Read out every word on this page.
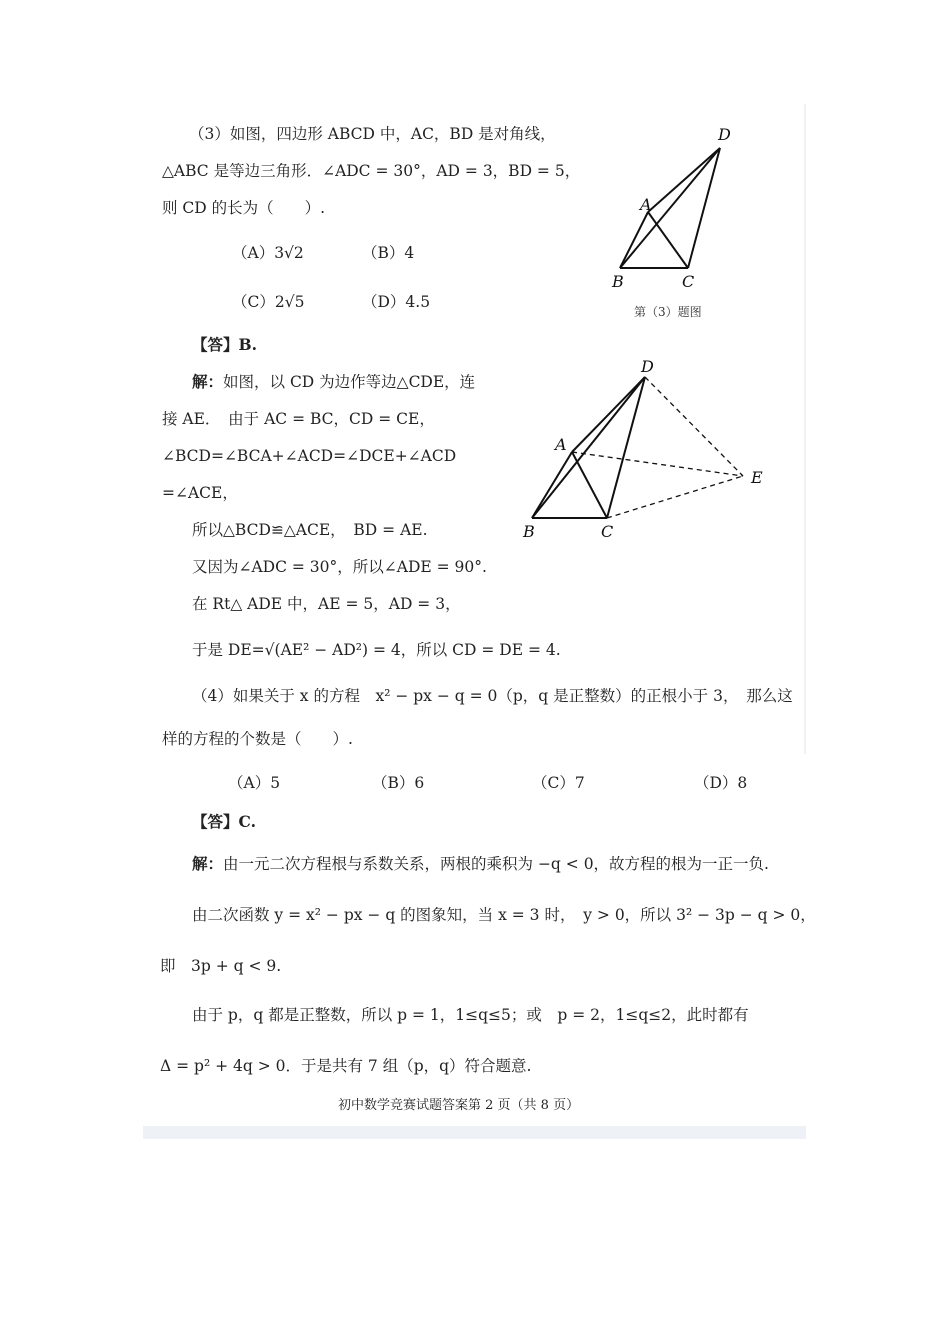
（3）如图，四边形 ABCD 中，AC，BD 是对角线，
△ABC 是等边三角形．∠ADC = 30°，AD = 3，BD = 5，
则 CD 的长为（　　）.
（A）3√2	（B）4
（C）2√5	（D）4.5
D
A
B	C
第（3）题图
【答】B.
解：如图，以 CD 为边作等边△CDE，连
接 AE．　由于 AC = BC，CD = CE，
∠BCD=∠BCA+∠ACD=∠DCE+∠ACD
=∠ACE，
所以△BCD≌△ACE，　BD = AE.
又因为∠ADC = 30°，所以∠ADE = 90°.
在 Rt△ ADE 中，AE = 5，AD = 3，
于是 DE=√(AE² − AD²) = 4，所以 CD = DE = 4.
D
A
E
B	C
（4）如果关于 x 的方程　x² − px − q = 0（p，q 是正整数）的正根小于 3，　那么这
样的方程的个数是（　　）.
（A）5	（B）6	（C）7	（D）8
【答】C.
解：由一元二次方程根与系数关系，两根的乘积为 −q < 0，故方程的根为一正一负.
由二次函数 y = x² − px − q 的图象知，当 x = 3 时，　y > 0，所以 3² − 3p − q > 0，
即　3p + q < 9.
由于 p，q 都是正整数，所以 p = 1，1≤q≤5；或　p = 2，1≤q≤2，此时都有
Δ = p² + 4q > 0．于是共有 7 组（p，q）符合题意.
初中数学竞赛试题答案第 2 页（共 8 页）
